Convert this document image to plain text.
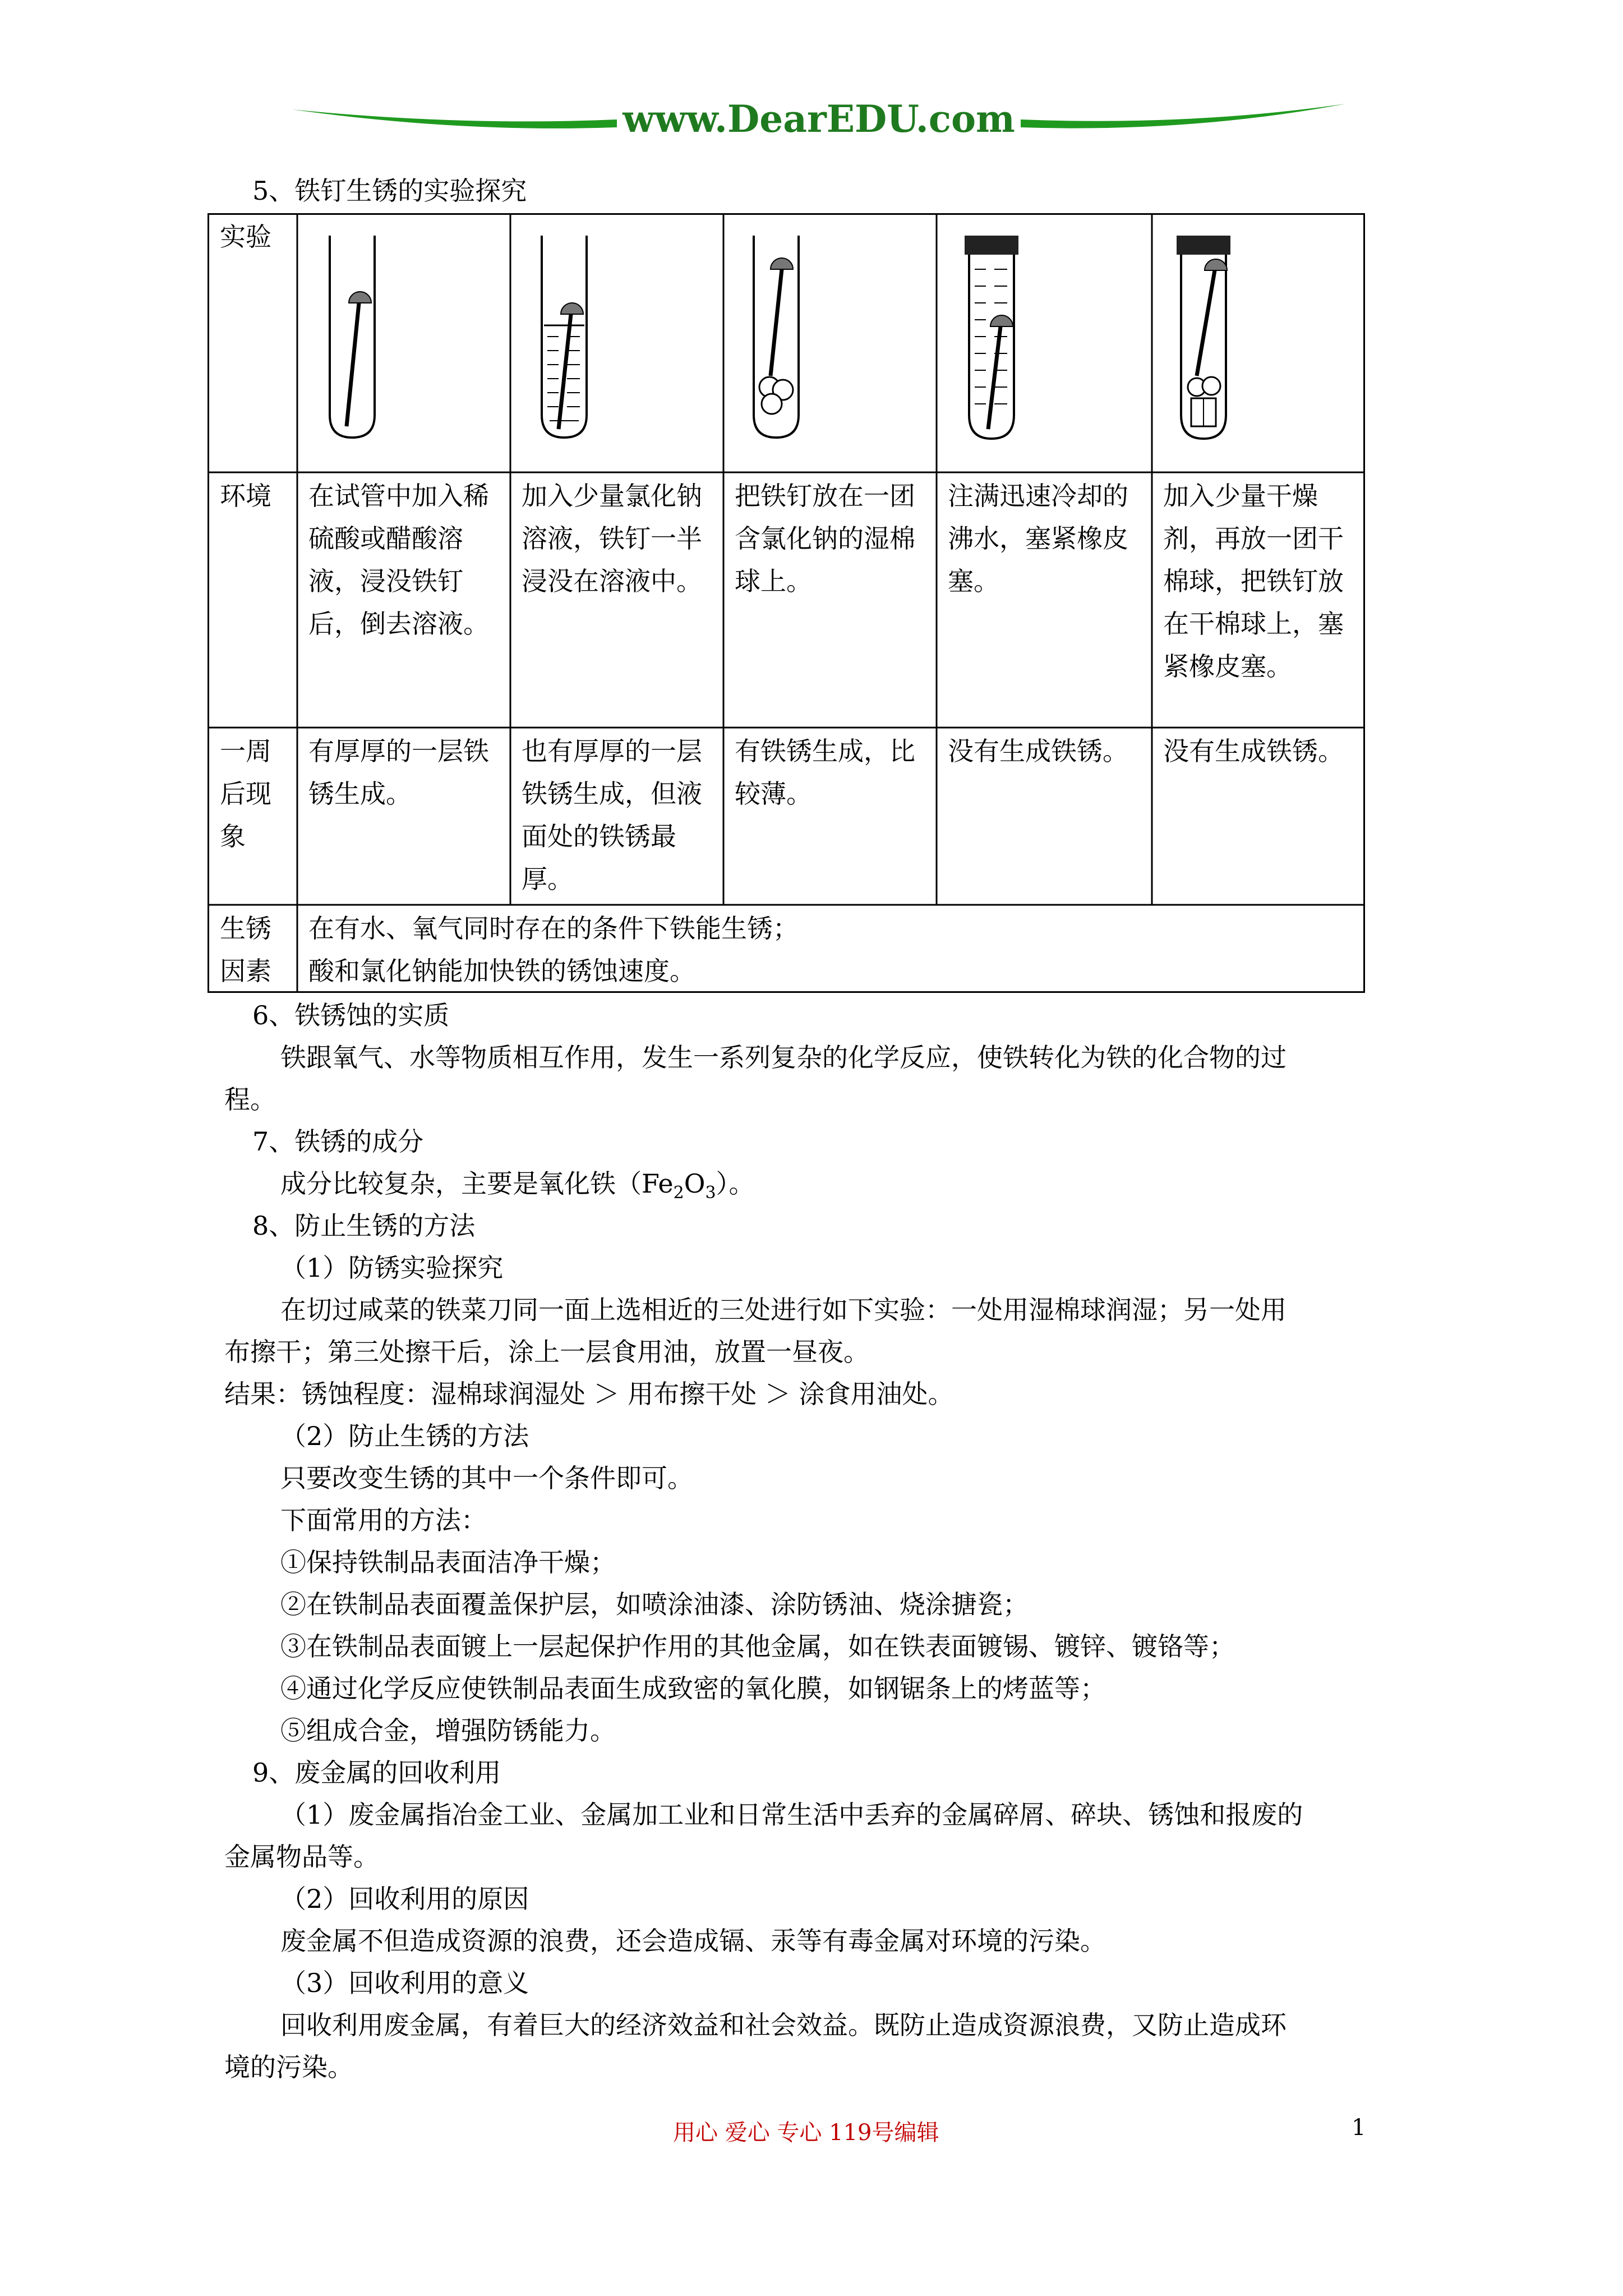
www.DearEDU.com
5、铁钉生锈的实验探究
实验
环境
一周后现象
生锈因素
在试管中加入稀硫酸或醋酸溶液，浸没铁钉后，倒去溶液。
加入少量氯化钠溶液，铁钉一半浸没在溶液中。
把铁钉放在一团含氯化钠的湿棉球上。
注满迅速冷却的沸水，塞紧橡皮塞。
加入少量干燥剂，再放一团干棉球，把铁钉放在干棉球上，塞紧橡皮塞。
有厚厚的一层铁锈生成。
也有厚厚的一层铁锈生成，但液面处的铁锈最厚。
有铁锈生成，比较薄。
没有生成铁锈。	没有生成铁锈。
在有水、氧气同时存在的条件下铁能生锈；
酸和氯化钠能加快铁的锈蚀速度。
6、铁锈蚀的实质
铁跟氧气、水等物质相互作用，发生一系列复杂的化学反应，使铁转化为铁的化合物的过
程。
7、铁锈的成分
成分比较复杂，主要是氧化铁$(Fe_2O_3)$。
8、防止生锈的方法
（1）防锈实验探究
在切过咸菜的铁菜刀同一面上选相近的三处进行如下实验：一处用湿棉球润湿；另一处用
布擦干；第三处擦干后，涂上一层食用油，放置一昼夜。
结果：锈蚀程度：湿棉球润湿处 ＞ 用布擦干处 ＞ 涂食用油处。
（2）防止生锈的方法
只要改变生锈的其中一个条件即可。
下面常用的方法：
①保持铁制品表面洁净干燥；
②在铁制品表面覆盖保护层，如喷涂油漆、涂防锈油、烧涂搪瓷；
③在铁制品表面镀上一层起保护作用的其他金属，如在铁表面镀锡、镀锌、镀铬等；
④通过化学反应使铁制品表面生成致密的氧化膜，如钢锯条上的烤蓝等；
⑤组成合金，增强防锈能力。
9、废金属的回收利用
（1）废金属指冶金工业、金属加工业和日常生活中丢弃的金属碎屑、碎块、锈蚀和报废的
金属物品等。
（2）回收利用的原因
废金属不但造成资源的浪费，还会造成镉、汞等有毒金属对环境的污染。
（3）回收利用的意义
回收利用废金属，有着巨大的经济效益和社会效益。既防止造成资源浪费，又防止造成环
境的污染。
用心 爱心 专心 119号编辑	1
